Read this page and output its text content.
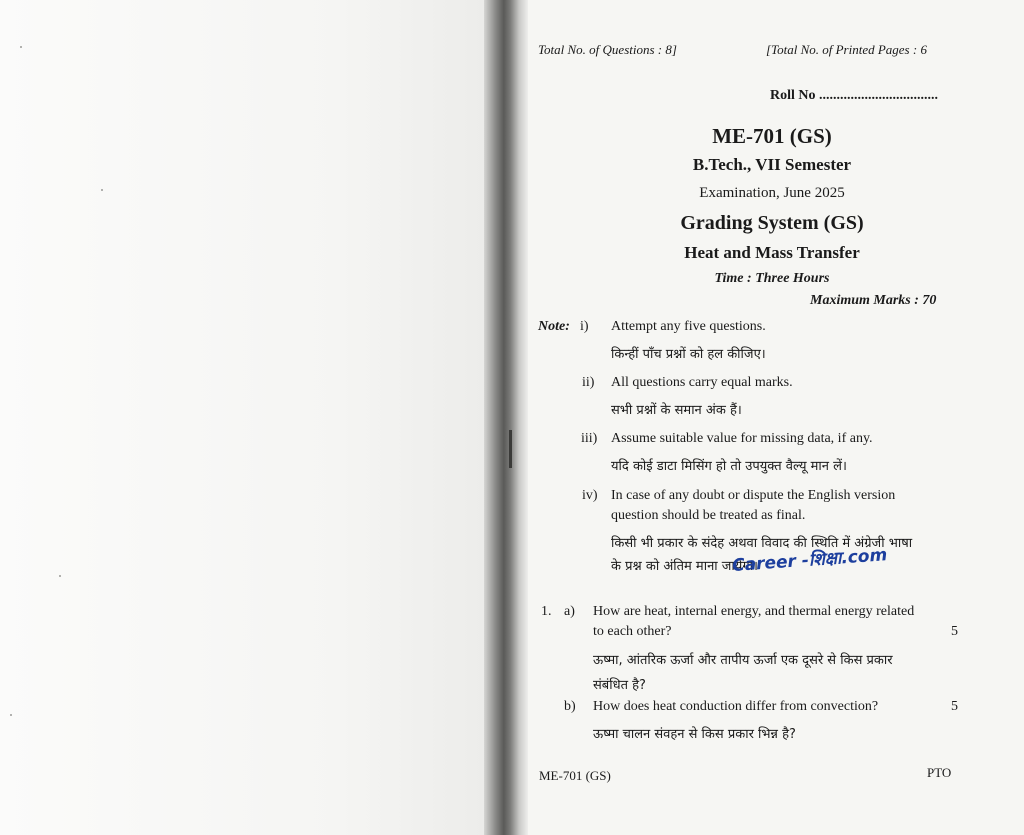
Total No. of Questions : 8]	[Total No. of Printed Pages : 6
Roll No ..................................
ME-701 (GS)
B.Tech., VII Semester
Examination, June 2025
Grading System (GS)
Heat and Mass Transfer
Time : Three Hours
Maximum Marks : 70
Note: i) Attempt any five questions.
किन्हीं पाँच प्रश्नों को हल कीजिए।
ii) All questions carry equal marks.
सभी प्रश्नों के समान अंक हैं।
iii) Assume suitable value for missing data, if any.
यदि कोई डाटा मिसिंग हो तो उपयुक्त वैल्यू मान लें।
iv) In case of any doubt or dispute the English version
question should be treated as final.
किसी भी प्रकार के संदेह अथवा विवाद की स्थिति में अंग्रेजी भाषा
के प्रश्न को अंतिम माना जायेगा।
Career -शिक्षा.com
1. a) How are heat, internal energy, and thermal energy related
to each other?	5
ऊष्मा, आंतरिक ऊर्जा और तापीय ऊर्जा एक दूसरे से किस प्रकार
संबंधित है?
b) How does heat conduction differ from convection?	5
ऊष्मा चालन संवहन से किस प्रकार भिन्न है?
ME-701 (GS)	PTO
